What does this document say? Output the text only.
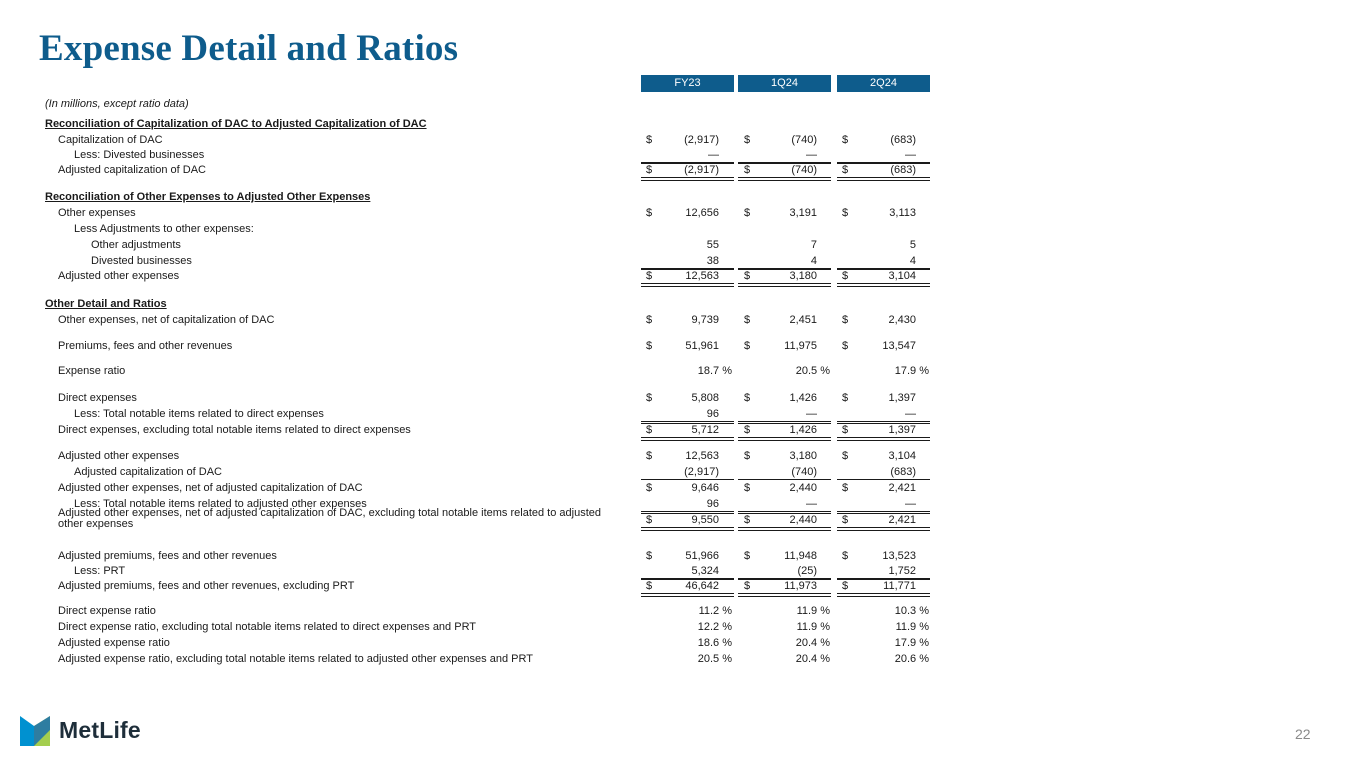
Expense Detail and Ratios
FY23	1Q24	2Q24
(In millions, except ratio data)
Reconciliation of Capitalization of DAC to Adjusted Capitalization of DAC
Capitalization of DAC	$	(2,917) $	(740) $	(683)
Less: Divested businesses	—	—	—
Adjusted capitalization of DAC	$	(2,917) $	(740) $	(683)
Reconciliation of Other Expenses to Adjusted Other Expenses
Other expenses	$	12,656 $	3,191 $	3,113
Less Adjustments to other expenses:
Other adjustments	55	7	5
Divested businesses	38	4	4
Adjusted other expenses	$	12,563 $	3,180 $	3,104
Other Detail and Ratios
Other expenses, net of capitalization of DAC	$	9,739 $	2,451 $	2,430
Premiums, fees and other revenues	$	51,961 $	11,975 $	13,547
Expense ratio	18.7 %	20.5 %	17.9 %
Direct expenses	$	5,808 $	1,426 $	1,397
Less: Total notable items related to direct expenses	96	—	—
Direct expenses, excluding total notable items related to direct expenses	$	5,712 $	1,426 $	1,397
Adjusted other expenses	$	12,563 $	3,180 $	3,104
Adjusted capitalization of DAC	(2,917)	(740)	(683)
Adjusted other expenses, net of adjusted capitalization of DAC	$	9,646 $	2,440 $	2,421
Less: Total notable items related to adjusted other expenses	96	—	—
Adjusted other expenses, net of adjusted capitalization of DAC, excluding total notable items related to adjusted other expenses	$	9,550 $	2,440 $	2,421
Adjusted premiums, fees and other revenues	$	51,966 $	11,948 $	13,523
Less: PRT	5,324	(25)	1,752
Adjusted premiums, fees and other revenues, excluding PRT	$	46,642 $	11,973 $	11,771
Direct expense ratio	11.2 %	11.9 %	10.3 %
Direct expense ratio, excluding total notable items related to direct expenses and PRT	12.2 %	11.9 %	11.9 %
Adjusted expense ratio	18.6 %	20.4 %	17.9 %
Adjusted expense ratio, excluding total notable items related to adjusted other expenses and PRT	20.5 %	20.4 %	20.6 %
MetLife	22
